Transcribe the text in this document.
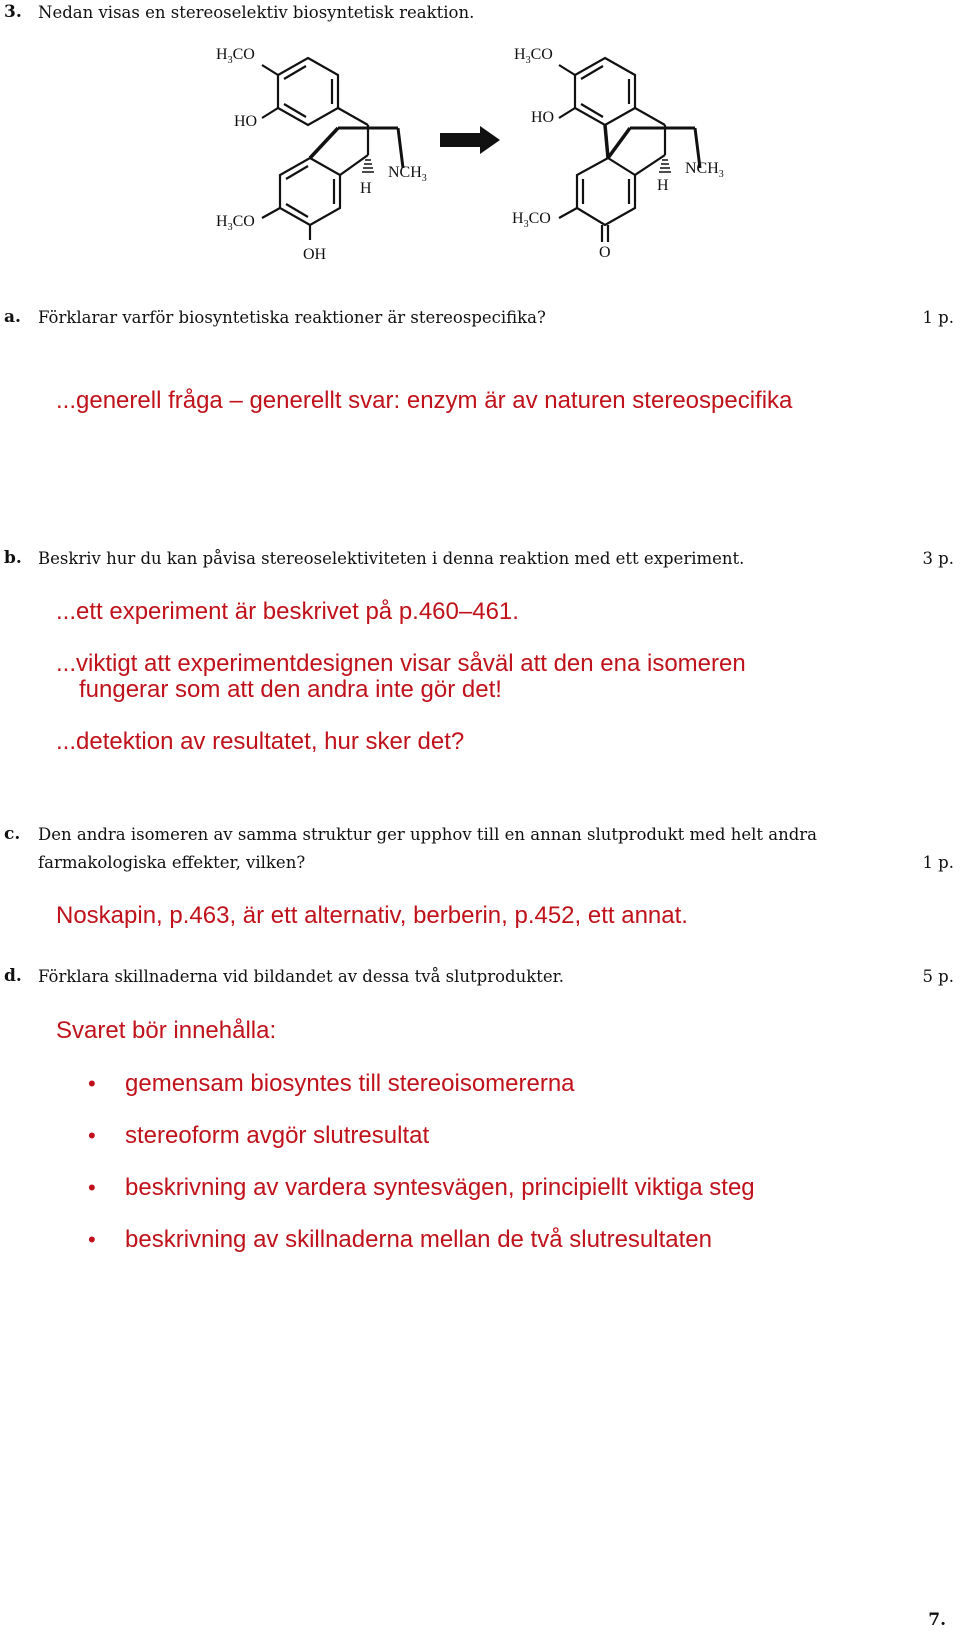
3. Nedan visas en stereoselektiv biosyntetisk reaktion.
$H_3CO$
HO
$NCH_3$
H
$H_3CO$
OH
$H_3CO$
HO
$NCH_3$
H
$H_3CO$
O
a. Förklarar varför biosyntetiska reaktioner är stereospecifika?	1 p.
...generell fråga – generellt svar: enzym är av naturen stereospecifika
b. Beskriv hur du kan påvisa stereoselektiviteten i denna reaktion med ett experiment.	3 p.
...ett experiment är beskrivet på p.460–461.
...viktigt att experimentdesignen visar såväl att den ena isomeren
fungerar som att den andra inte gör det!
...detektion av resultatet, hur sker det?
c. Den andra isomeren av samma struktur ger upphov till en annan slutprodukt med helt andra
farmakologiska effekter, vilken?	1 p.
Noskapin, p.463, är ett alternativ, berberin, p.452, ett annat.
d. Förklara skillnaderna vid bildandet av dessa två slutprodukter.	5 p.
Svaret bör innehålla:
• gemensam biosyntes till stereoisomererna
• stereoform avgör slutresultat
• beskrivning av vardera syntesvägen, principiellt viktiga steg
• beskrivning av skillnaderna mellan de två slutresultaten
7.
